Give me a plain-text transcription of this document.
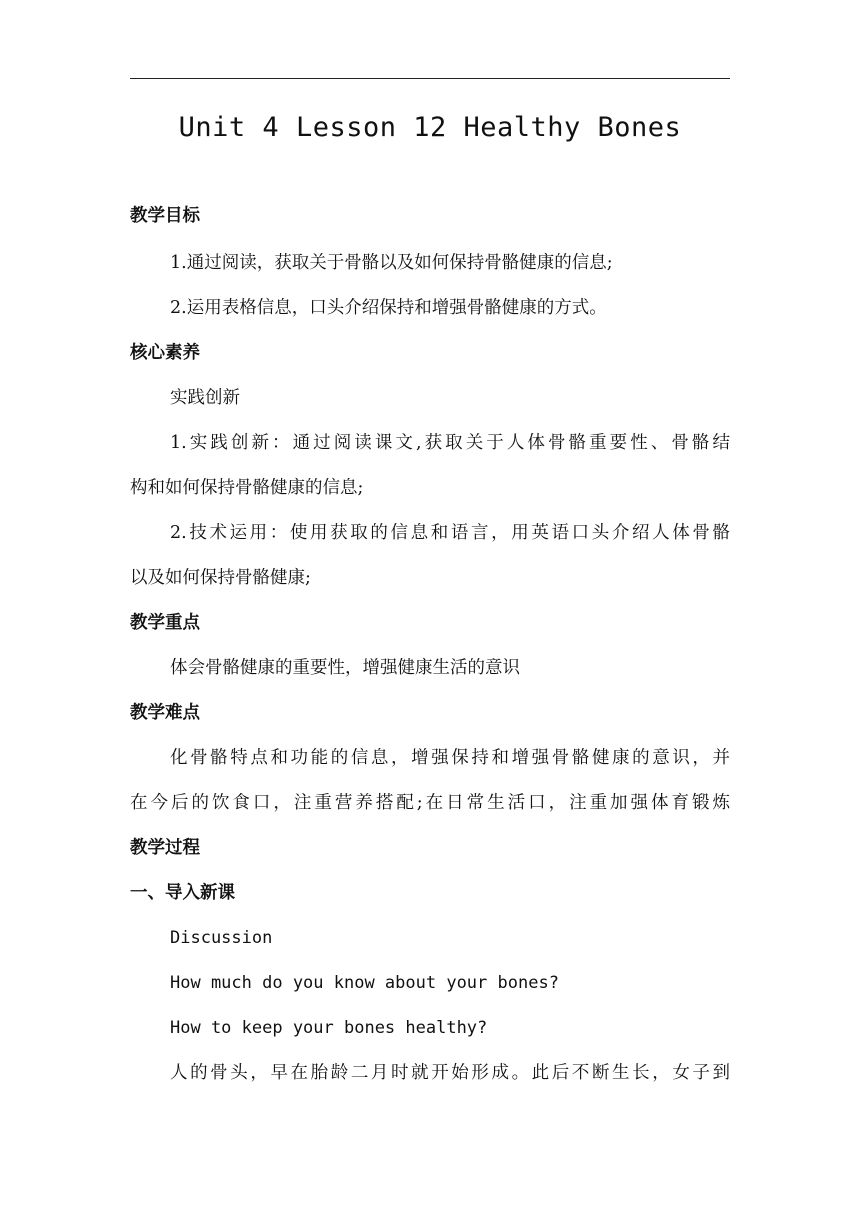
Unit 4 Lesson 12 Healthy Bones
教学目标
1.通过阅读，获取关于骨骼以及如何保持骨骼健康的信息;
2.运用表格信息，口头介绍保持和增强骨骼健康的方式。
核心素养
实践创新
1.实践创新：通过阅读课文,获取关于人体骨骼重要性、骨骼结
构和如何保持骨骼健康的信息;
2.技术运用：使用获取的信息和语言，用英语口头介绍人体骨骼
以及如何保持骨骼健康;
教学重点
体会骨骼健康的重要性，增强健康生活的意识
教学难点
化骨骼特点和功能的信息，增强保持和增强骨骼健康的意识，并
在今后的饮食口，注重营养搭配;在日常生活口，注重加强体育锻炼
教学过程
一、导入新课
Discussion
How much do you know about your bones?
How to keep your bones healthy?
人的骨头，早在胎龄二月时就开始形成。此后不断生长，女子到
